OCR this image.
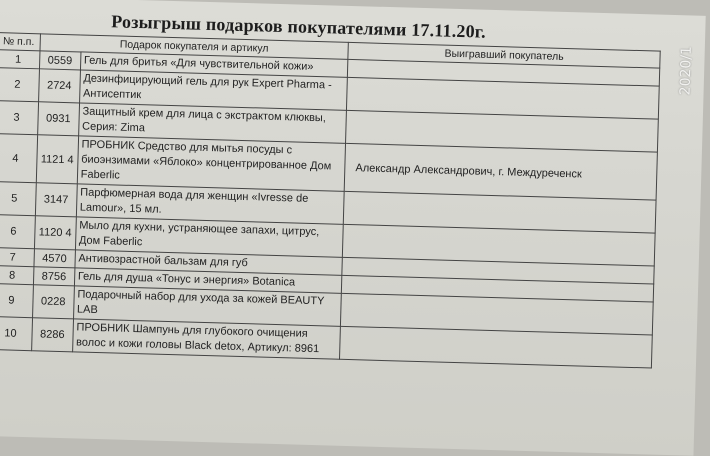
Розыгрыш подарков покупателями 17.11.20г.
2020/1
№ п.п.	Подарок покупателя и артикул		Выигравший покупатель
1	0559	Гель для бритья «Для чувствительной кожи»	
2	2724	Дезинфицирующий гель для рук Expert Pharma - Антисептик	
3	0931	Защитный крем для лица с экстрактом клюквы, Серия: Zima	
4	1121 4	ПРОБНИК Средство для мытья посуды с биоэнзимами «Яблоко» концентрированное Дом Faberlic	Александр Александрович, г. Междуреченск
5	3147	Парфюмерная вода для женщин «Ivresse de Lamour», 15 мл.	
6	1120 4	Мыло для кухни, устраняющее запахи, цитрус, Дом Faberlic	
7	4570	Антивозрастной бальзам для губ	
8	8756	Гель для душа «Тонус и энергия» Botanica	
9	0228	Подарочный набор для ухода за кожей BEAUTY LAB	
10	8286	ПРОБНИК Шампунь для глубокого очищения волос и кожи головы Black detox, Артикул: 8961	
